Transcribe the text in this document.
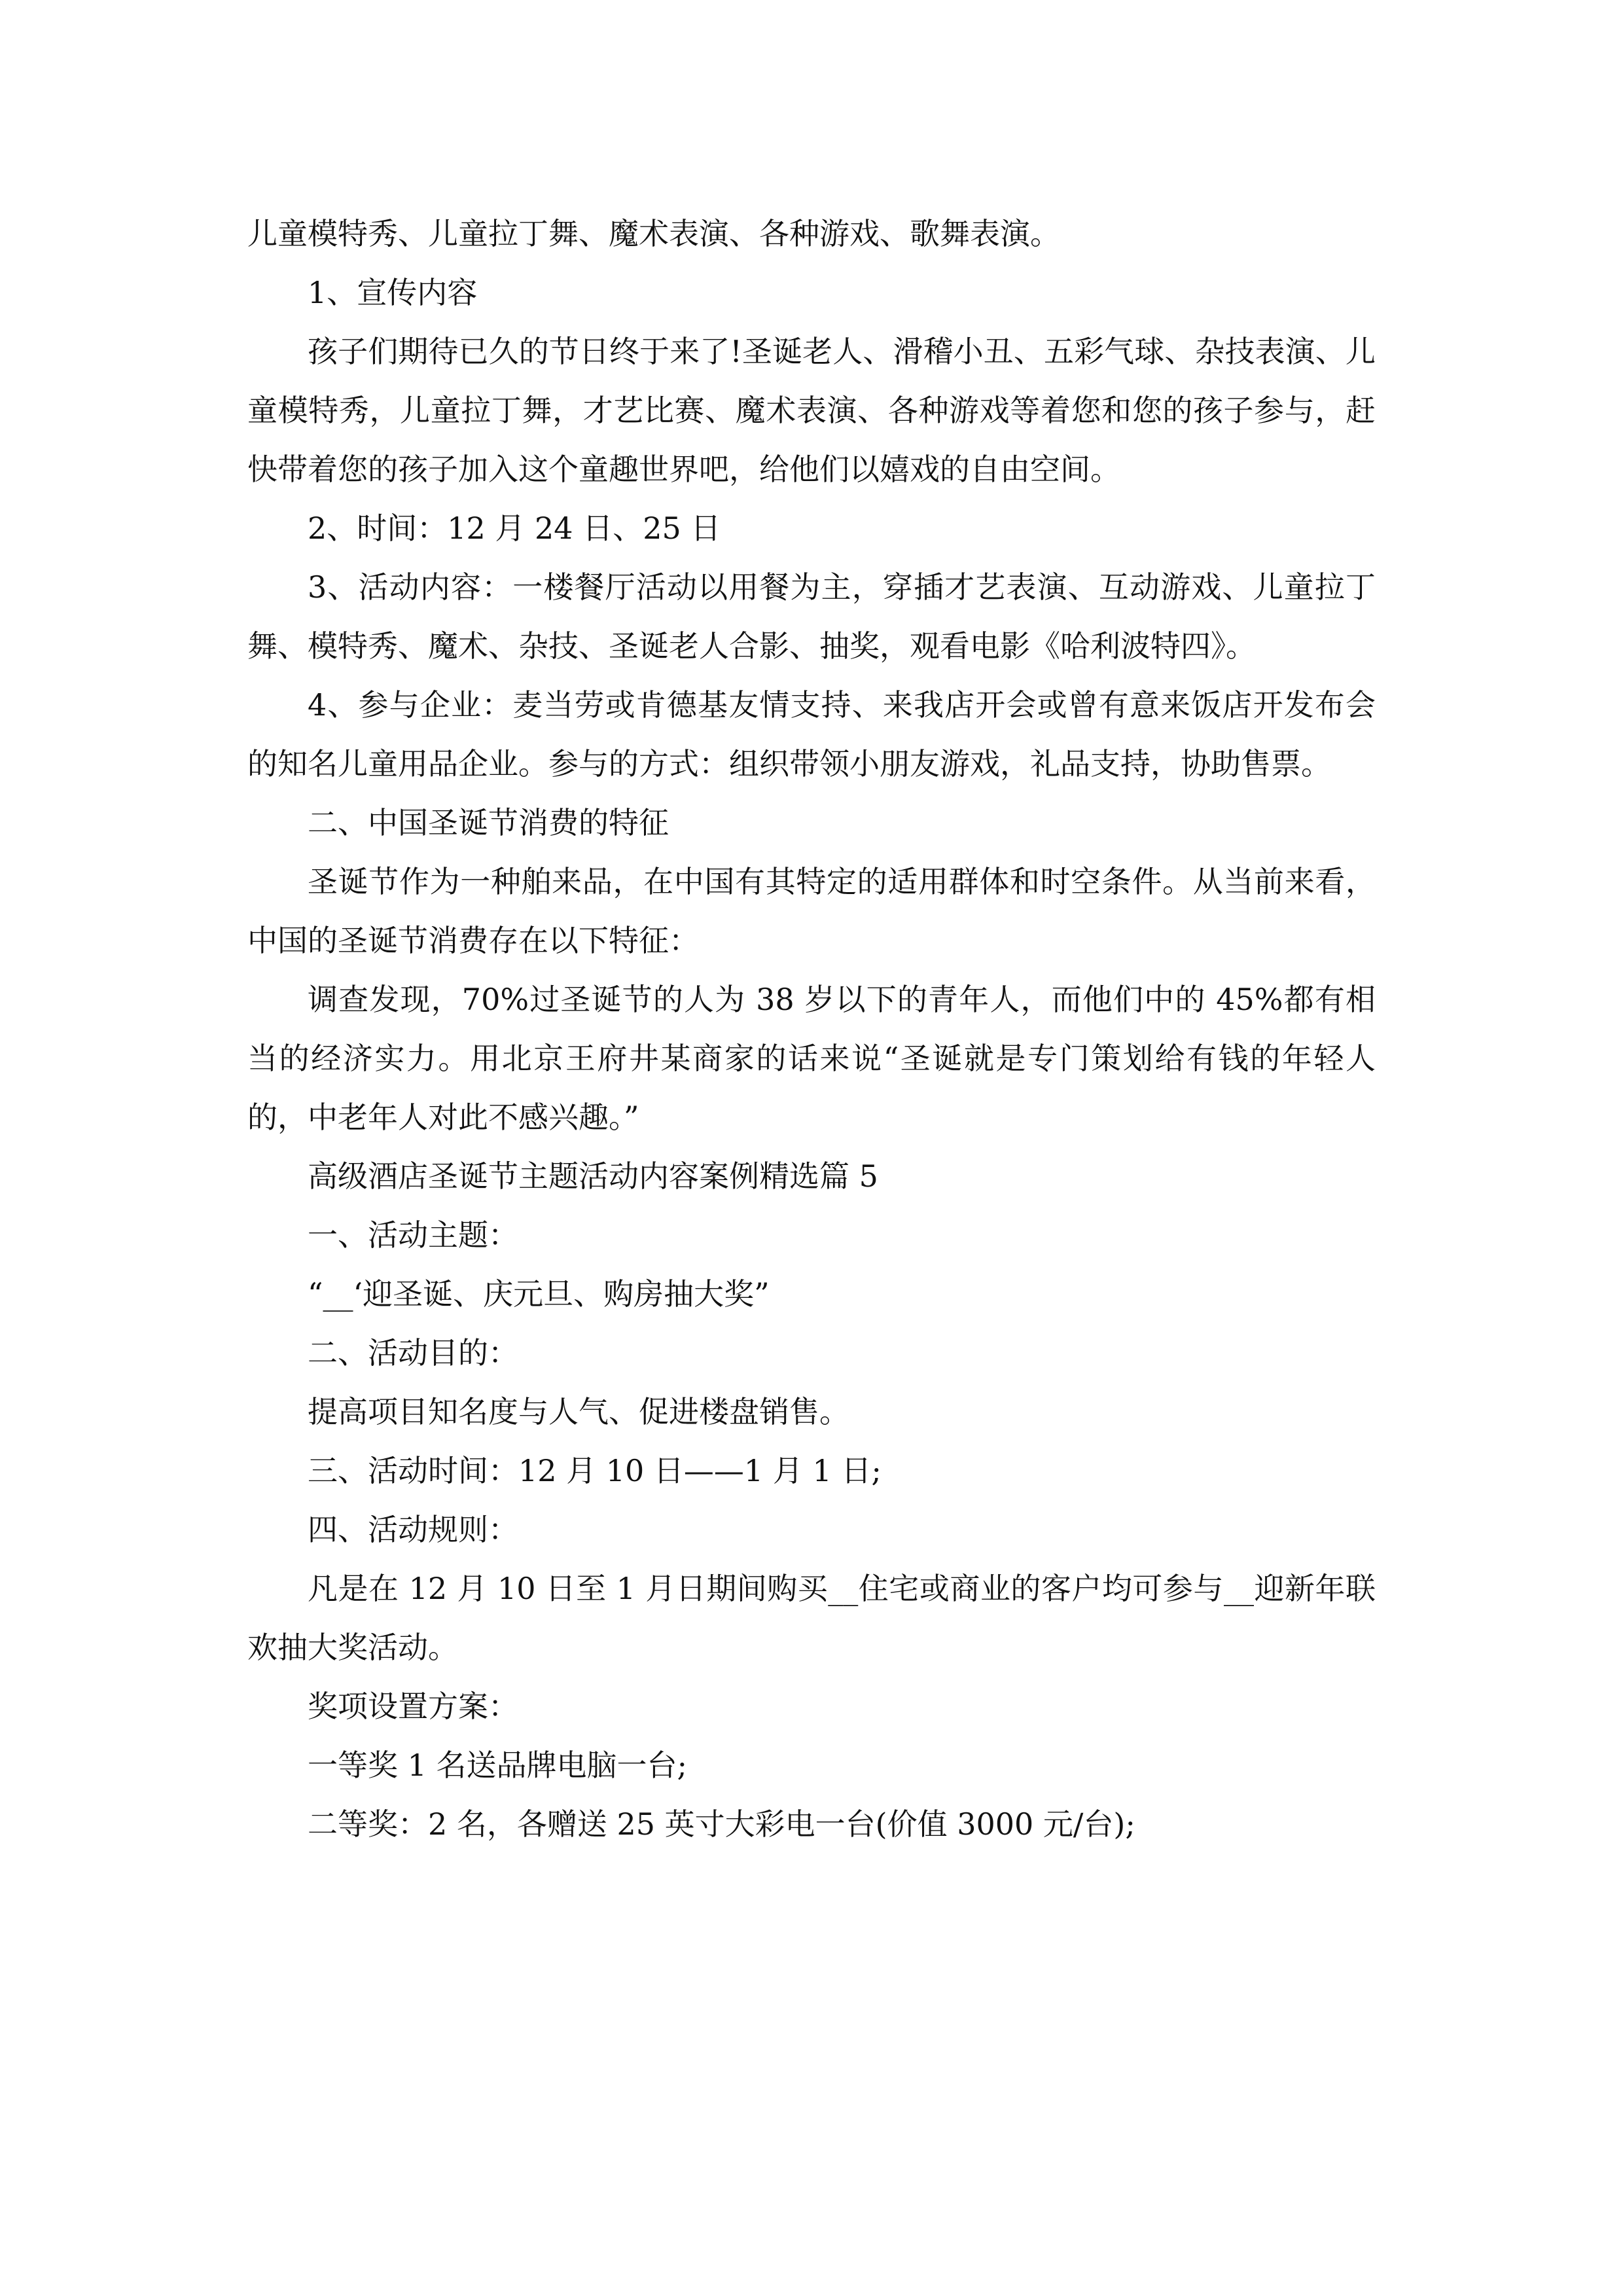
儿童模特秀、儿童拉丁舞、魔术表演、各种游戏、歌舞表演。

1、宣传内容

孩子们期待已久的节日终于来了!圣诞老人、滑稽小丑、五彩气球、杂技表演、儿童模特秀，儿童拉丁舞，才艺比赛、魔术表演、各种游戏等着您和您的孩子参与，赶快带着您的孩子加入这个童趣世界吧，给他们以嬉戏的自由空间。

2、时间：12 月 24 日、25 日

3、活动内容：一楼餐厅活动以用餐为主，穿插才艺表演、互动游戏、儿童拉丁舞、模特秀、魔术、杂技、圣诞老人合影、抽奖，观看电影《哈利波特四》。

4、参与企业：麦当劳或肯德基友情支持、来我店开会或曾有意来饭店开发布会的知名儿童用品企业。参与的方式：组织带领小朋友游戏，礼品支持，协助售票。

二、中国圣诞节消费的特征

圣诞节作为一种舶来品，在中国有其特定的适用群体和时空条件。从当前来看，中国的圣诞节消费存在以下特征：

调查发现，70%过圣诞节的人为 38 岁以下的青年人，而他们中的 45%都有相当的经济实力。用北京王府井某商家的话来说“圣诞就是专门策划给有钱的年轻人的，中老年人对此不感兴趣。”

高级酒店圣诞节主题活动内容案例精选篇 5

一、活动主题：

“__‘迎圣诞、庆元旦、购房抽大奖”

二、活动目的：

提高项目知名度与人气、促进楼盘销售。

三、活动时间：12 月 10 日——1 月 1 日;

四、活动规则：

凡是在 12 月 10 日至 1 月日期间购买__住宅或商业的客户均可参与__迎新年联欢抽大奖活动。

奖项设置方案：

一等奖 1 名送品牌电脑一台;

二等奖：2 名，各赠送 25 英寸大彩电一台(价值 3000 元/台);
